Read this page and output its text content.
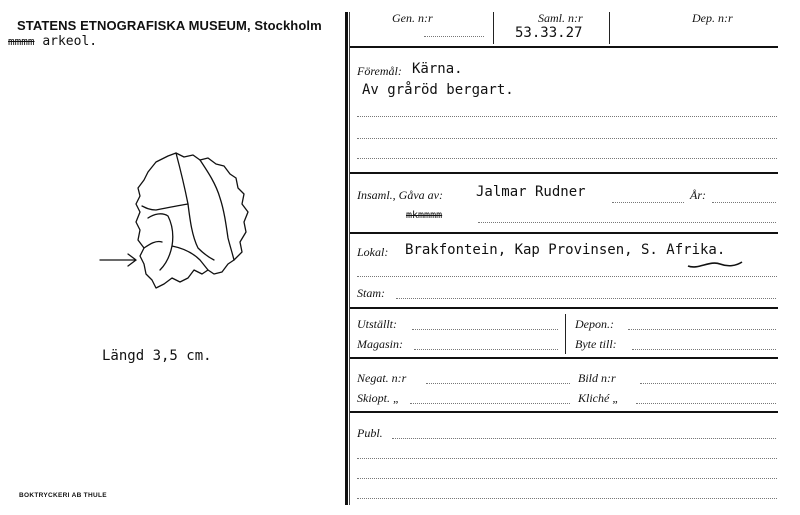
STATENS ETNOGRAFISKA MUSEUM, Stockholm
mmmm arkeol.
Längd 3,5 cm.
BOKTRYCKERI AB THULE
Gen. n:r	Saml. n:r
53.33.27
Dep. n:r
Föremål: Kärna.
Av gråröd bergart.
Insaml., Gåva av: Jalmar Rudner	År:
mkmmmm
Lokal: Brakfontein, Kap Provinsen, S. Afrika.
Stam:
Utställt:
Magasin:
Depon.:
Byte till:
Negat. n:r
Skiopt. „
Bild n:r
Kliché „
Publ.
